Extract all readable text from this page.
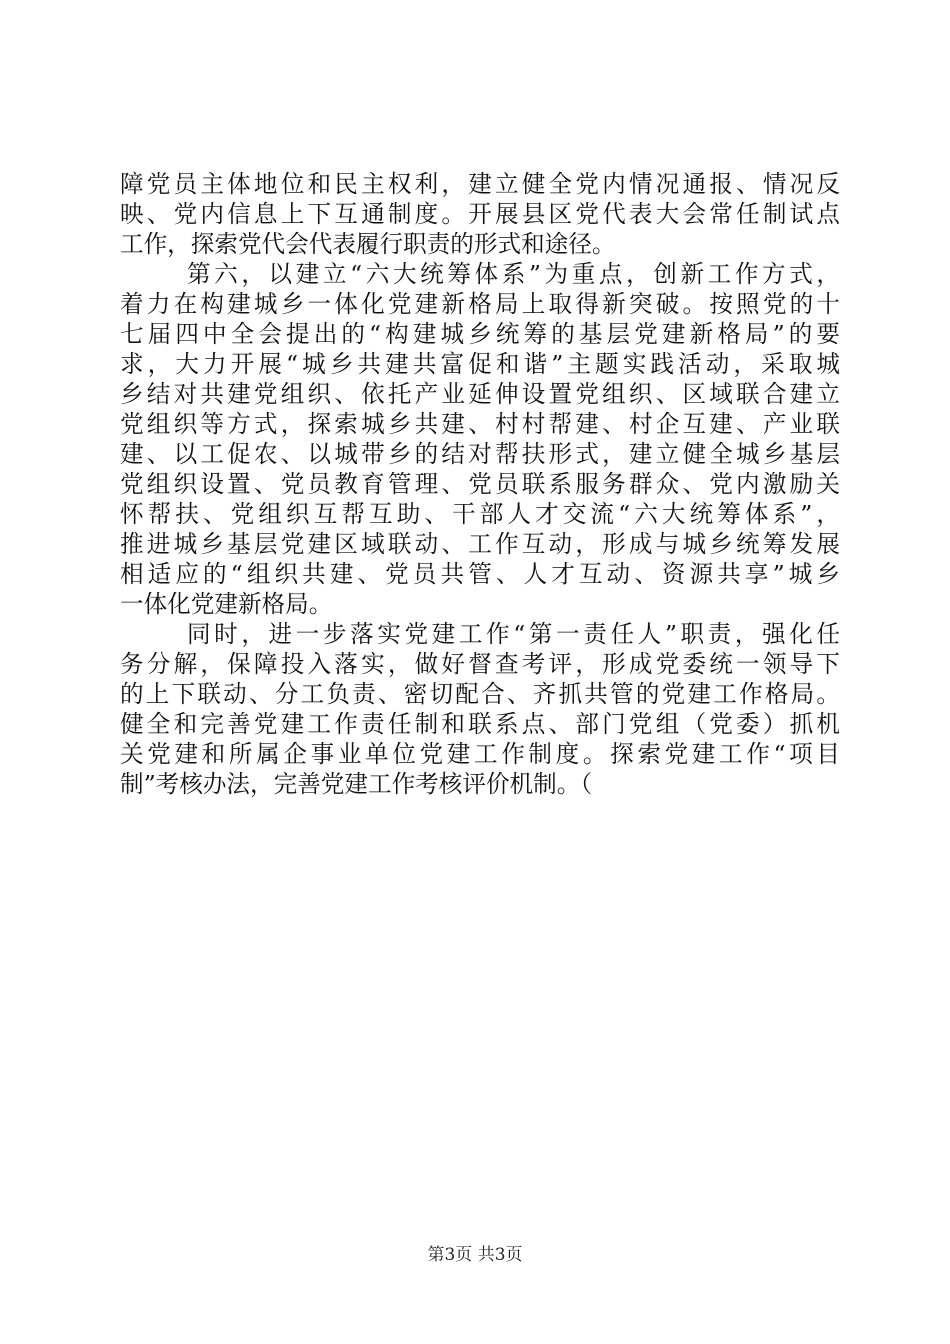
障党员主体地位和民主权利，建立健全党内情况通报、情况反
映、党内信息上下互通制度。开展县区党代表大会常任制试点
工作，探索党代会代表履行职责的形式和途径。
第六，以建立“六大统筹体系”为重点，创新工作方式，
着力在构建城乡一体化党建新格局上取得新突破。按照党的十
七届四中全会提出的“构建城乡统筹的基层党建新格局”的要
求，大力开展“城乡共建共富促和谐”主题实践活动，采取城
乡结对共建党组织、依托产业延伸设置党组织、区域联合建立
党组织等方式，探索城乡共建、村村帮建、村企互建、产业联
建、以工促农、以城带乡的结对帮扶形式，建立健全城乡基层
党组织设置、党员教育管理、党员联系服务群众、党内激励关
怀帮扶、党组织互帮互助、干部人才交流“六大统筹体系”，
推进城乡基层党建区域联动、工作互动，形成与城乡统筹发展
相适应的“组织共建、党员共管、人才互动、资源共享”城乡
一体化党建新格局。
同时，进一步落实党建工作“第一责任人”职责，强化任
务分解，保障投入落实，做好督查考评，形成党委统一领导下
的上下联动、分工负责、密切配合、齐抓共管的党建工作格局。
健全和完善党建工作责任制和联系点、部门党组（党委）抓机
关党建和所属企事业单位党建工作制度。探索党建工作“项目
制”考核办法，完善党建工作考核评价机制。（
第3页 共3页
